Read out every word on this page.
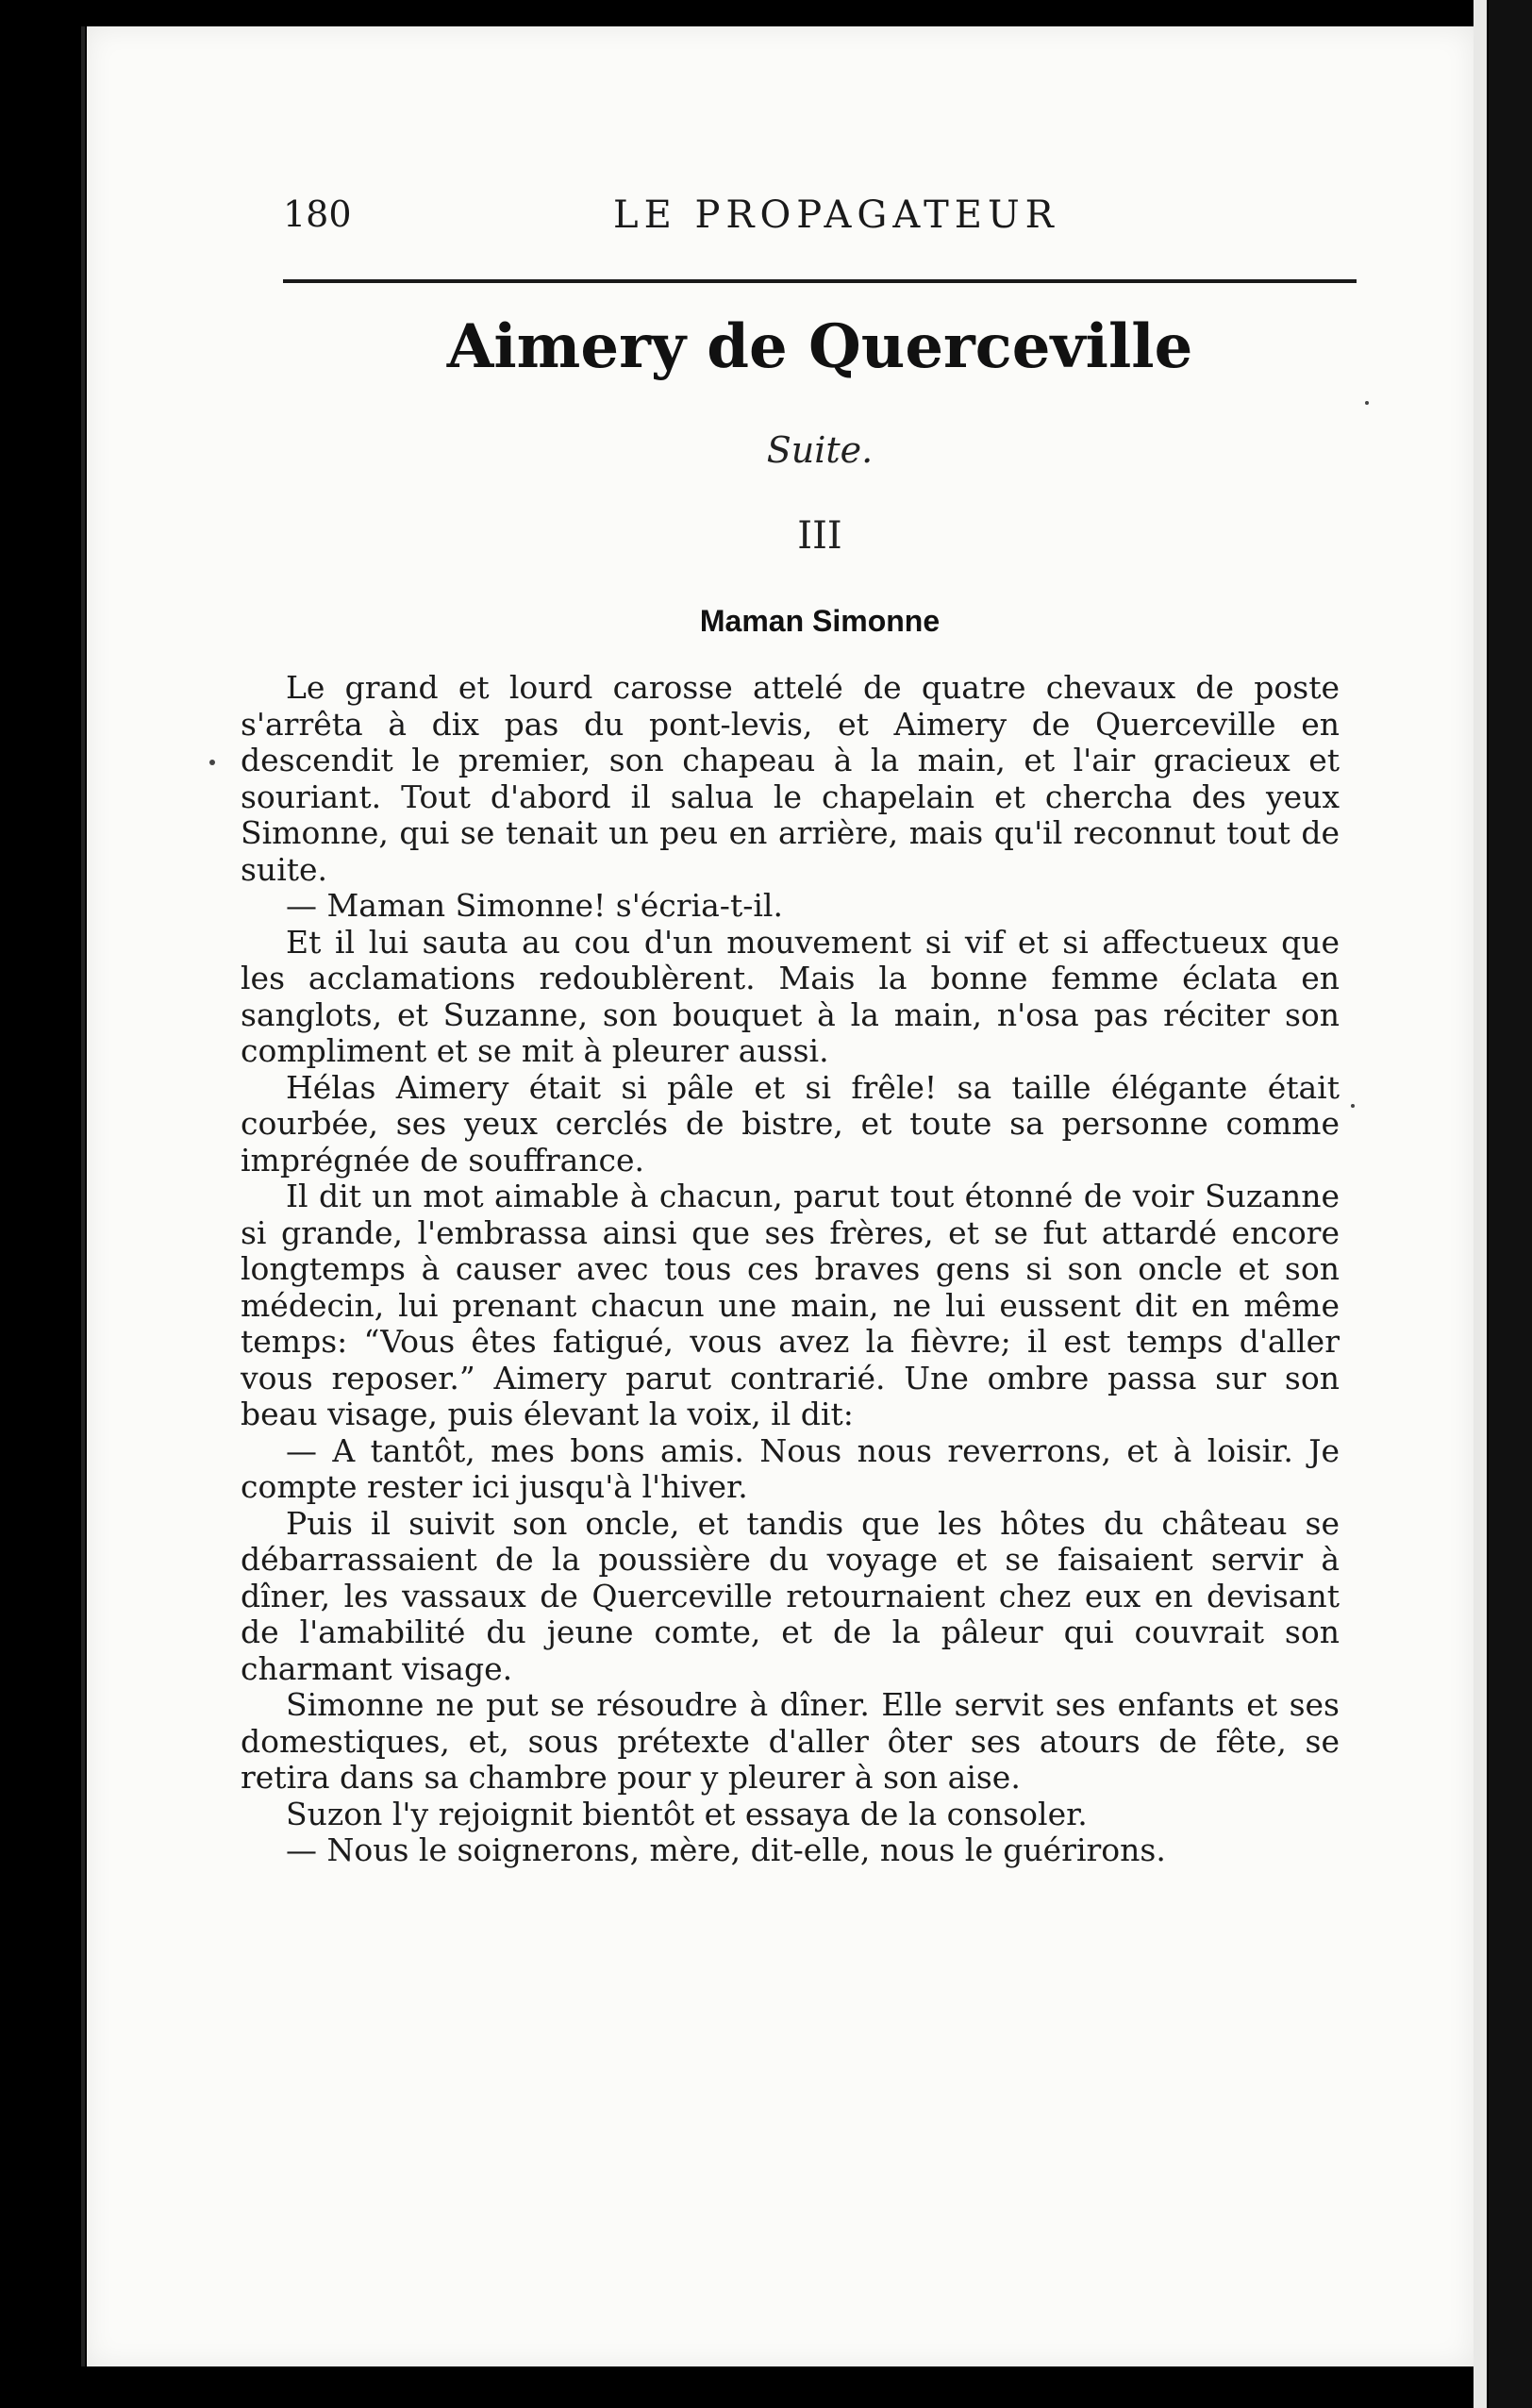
180	LE PROPAGATEUR
Aimery de Querceville
Suite.
III
Maman Simonne

Le grand et lourd carosse attelé de quatre chevaux de poste s'arrêta à dix pas du pont-levis, et Aimery de Querceville en descendit le premier, son chapeau à la main, et l'air gracieux et souriant. Tout d'abord il salua le chapelain et chercha des yeux Simonne, qui se tenait un peu en arrière, mais qu'il reconnut tout de suite.

— Maman Simonne! s'écria-t-il.

Et il lui sauta au cou d'un mouvement si vif et si affectueux que les acclamations redoublèrent. Mais la bonne femme éclata en sanglots, et Suzanne, son bouquet à la main, n'osa pas réciter son compliment et se mit à pleurer aussi.

Hélas Aimery était si pâle et si frêle! sa taille élégante était courbée, ses yeux cerclés de bistre, et toute sa personne comme imprégnée de souffrance.

Il dit un mot aimable à chacun, parut tout étonné de voir Suzanne si grande, l'embrassa ainsi que ses frères, et se fut attardé encore longtemps à causer avec tous ces braves gens si son oncle et son médecin, lui prenant chacun une main, ne lui eussent dit en même temps: “Vous êtes fatigué, vous avez la fièvre; il est temps d'aller vous reposer.” Aimery parut contrarié. Une ombre passa sur son beau visage, puis élevant la voix, il dit:

— A tantôt, mes bons amis. Nous nous reverrons, et à loisir. Je compte rester ici jusqu'à l'hiver.

Puis il suivit son oncle, et tandis que les hôtes du château se débarrassaient de la poussière du voyage et se faisaient servir à dîner, les vassaux de Querceville retournaient chez eux en devisant de l'amabilité du jeune comte, et de la pâleur qui couvrait son charmant visage.

Simonne ne put se résoudre à dîner. Elle servit ses enfants et ses domestiques, et, sous prétexte d'aller ôter ses atours de fête, se retira dans sa chambre pour y pleurer à son aise.

Suzon l'y rejoignit bientôt et essaya de la consoler.

— Nous le soignerons, mère, dit-elle, nous le guérirons.
